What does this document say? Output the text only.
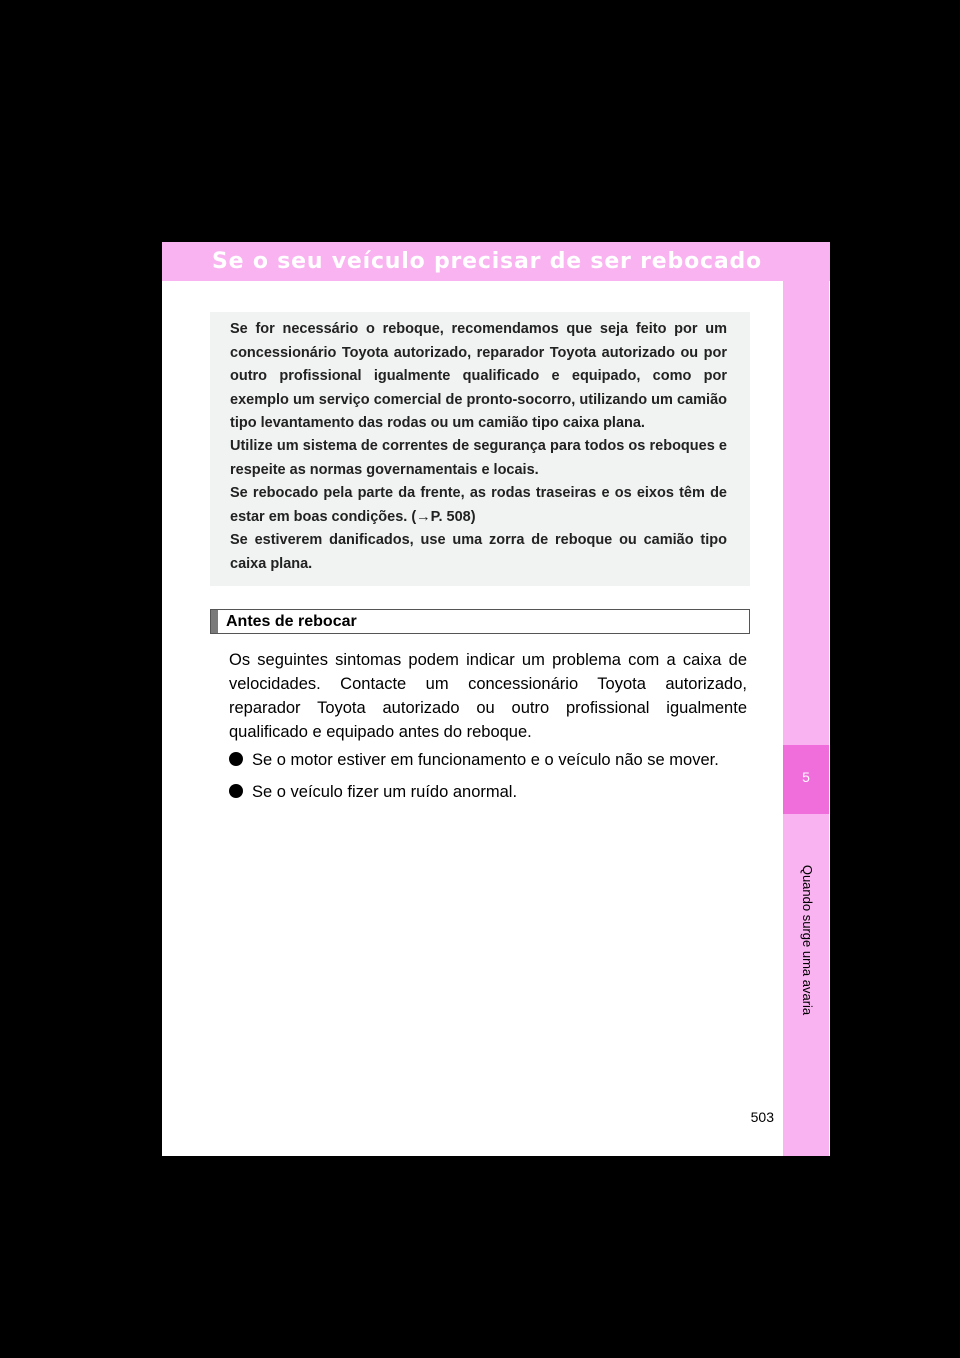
Se o seu veículo precisar de ser rebocado
5
Quando surge uma avaria

Se for necessário o reboque, recomendamos que seja feito por um concessionário Toyota autorizado, reparador Toyota autorizado ou por outro profissional igualmente qualificado e equipado, como por exemplo um serviço comercial de pronto-socorro, utilizando um camião tipo levantamento das rodas ou um camião tipo caixa plana.

Utilize um sistema de correntes de segurança para todos os reboques e respeite as normas governamentais e locais.

Se rebocado pela parte da frente, as rodas traseiras e os eixos têm de estar em boas condições. (→P. 508)

Se estiverem danificados, use uma zorra de reboque ou camião tipo caixa plana.

Antes de rebocar

Os seguintes sintomas podem indicar um problema com a caixa de velocidades. Contacte um concessionário Toyota autorizado, reparador Toyota autorizado ou outro profissional igualmente qualificado e equipado antes do reboque.

Se o motor estiver em funcionamento e o veículo não se mover.
Se o veículo fizer um ruído anormal.
503
